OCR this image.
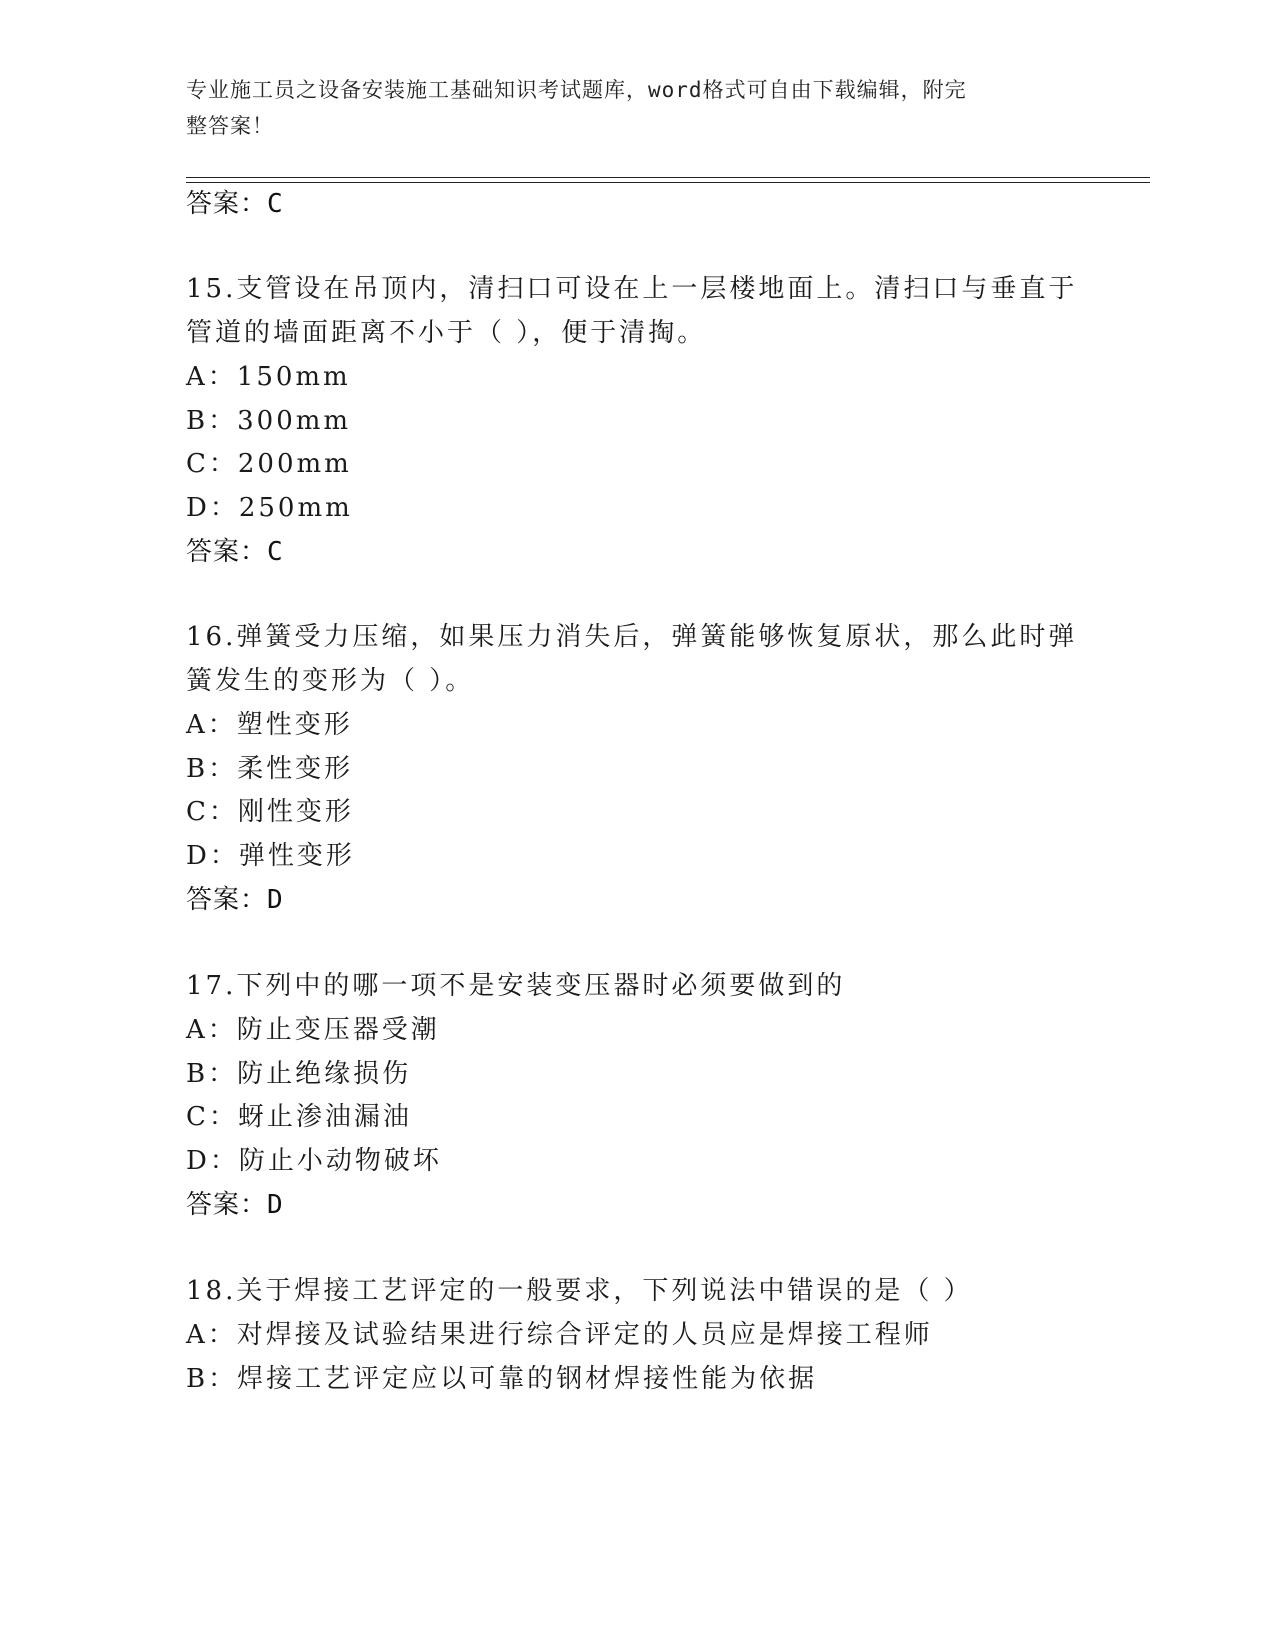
专业施工员之设备安装施工基础知识考试题库，word格式可自由下载编辑，附完
整答案！
答案：C
15.支管设在吊顶内，清扫口可设在上一层楼地面上。清扫口与垂直于
管道的墙面距离不小于（ ），便于清掏。
A：150mm
B：300mm
C：200mm
D：250mm
答案：C
16.弹簧受力压缩，如果压力消失后，弹簧能够恢复原状，那么此时弹
簧发生的变形为（ ）。
A：塑性变形
B：柔性变形
C：刚性变形
D：弹性变形
答案：D
17.下列中的哪一项不是安装变压器时必须要做到的
A：防止变压器受潮
B：防止绝缘损伤
C：蚜止渗油漏油
D：防止小动物破坏
答案：D
18.关于焊接工艺评定的一般要求，下列说法中错误的是（ ）
A：对焊接及试验结果进行综合评定的人员应是焊接工程师
B：焊接工艺评定应以可靠的钢材焊接性能为依据
